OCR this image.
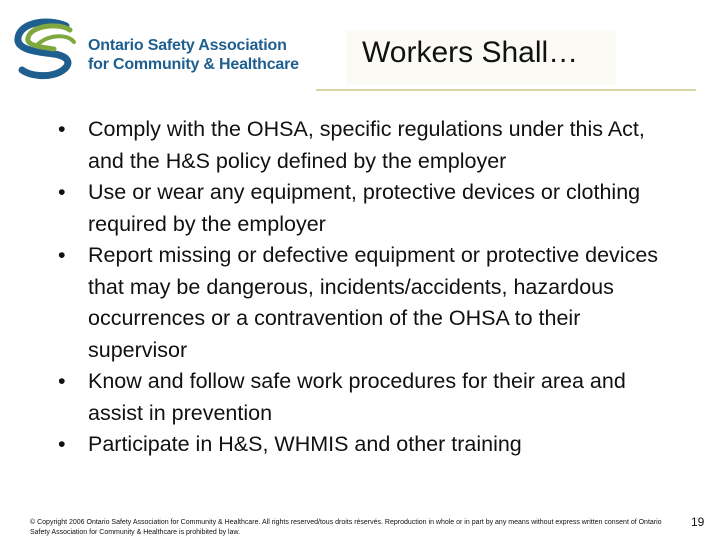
Ontario Safety Association
for Community & Healthcare Workers Shall…
• Comply with the OHSA, specific regulations under this Act, and the H&S policy defined by the employer
• Use or wear any equipment, protective devices or clothing required by the employer
• Report missing or defective equipment or protective devices that may be dangerous, incidents/accidents, hazardous occurrences or a contravention of the OHSA to their supervisor
• Know and follow safe work procedures for their area and assist in prevention
• Participate in H&S, WHMIS and other training
© Copyright 2006 Ontario Safety Association for Community & Healthcare. All rights reserved/tous droits réservés. Reproduction in whole or in part by any means without express written consent of Ontario Safety Association for Community & Healthcare is prohibited by law.
19
